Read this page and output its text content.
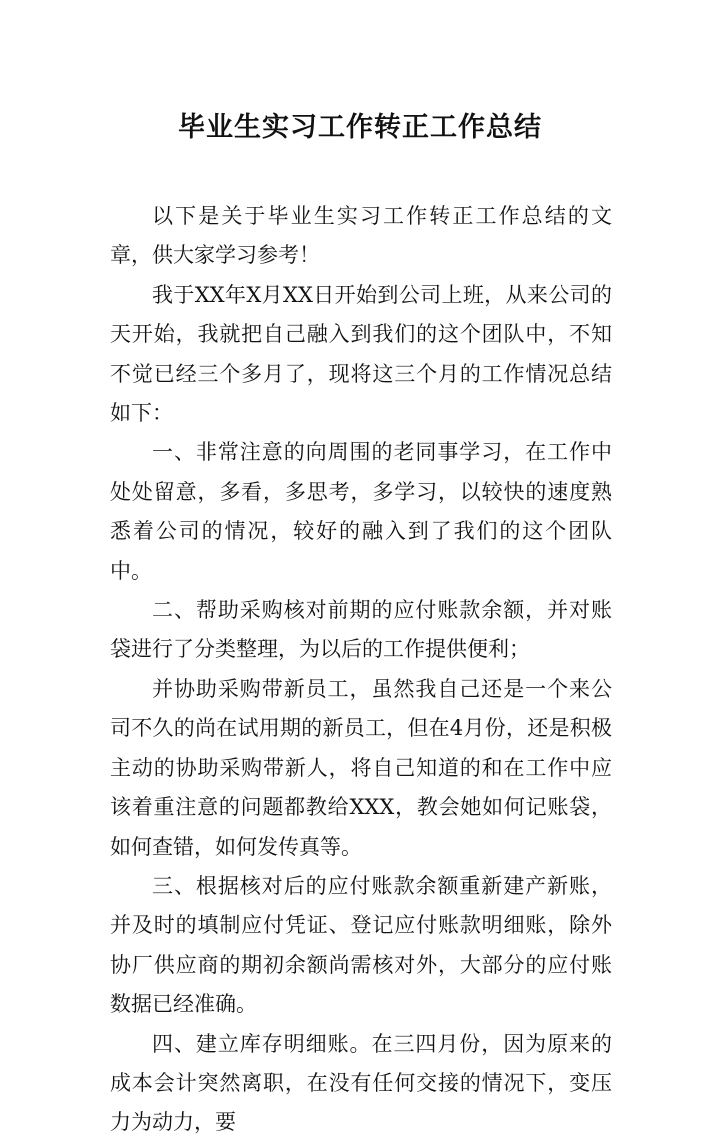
毕业生实习工作转正工作总结

以下是关于毕业生实习工作转正工作总结的文章，供大家学习参考！

我于XX年X月XX日开始到公司上班，从来公司的天开始，我就把自己融入到我们的这个团队中，不知不觉已经三个多月了，现将这三个月的工作情况总结如下：

一、非常注意的向周围的老同事学习，在工作中处处留意，多看，多思考，多学习，以较快的速度熟悉着公司的情况，较好的融入到了我们的这个团队中。

二、帮助采购核对前期的应付账款余额，并对账袋进行了分类整理，为以后的工作提供便利；

并协助采购带新员工，虽然我自己还是一个来公司不久的尚在试用期的新员工，但在4月份，还是积极主动的协助采购带新人，将自己知道的和在工作中应该着重注意的问题都教给XXX，教会她如何记账袋，如何查错，如何发传真等。

三、根据核对后的应付账款余额重新建产新账，并及时的填制应付凭证、登记应付账款明细账，除外协厂供应商的期初余额尚需核对外，大部分的应付账数据已经准确。

四、建立库存明细账。在三四月份，因为原来的成本会计突然离职，在没有任何交接的情况下，变压力为动力，要
